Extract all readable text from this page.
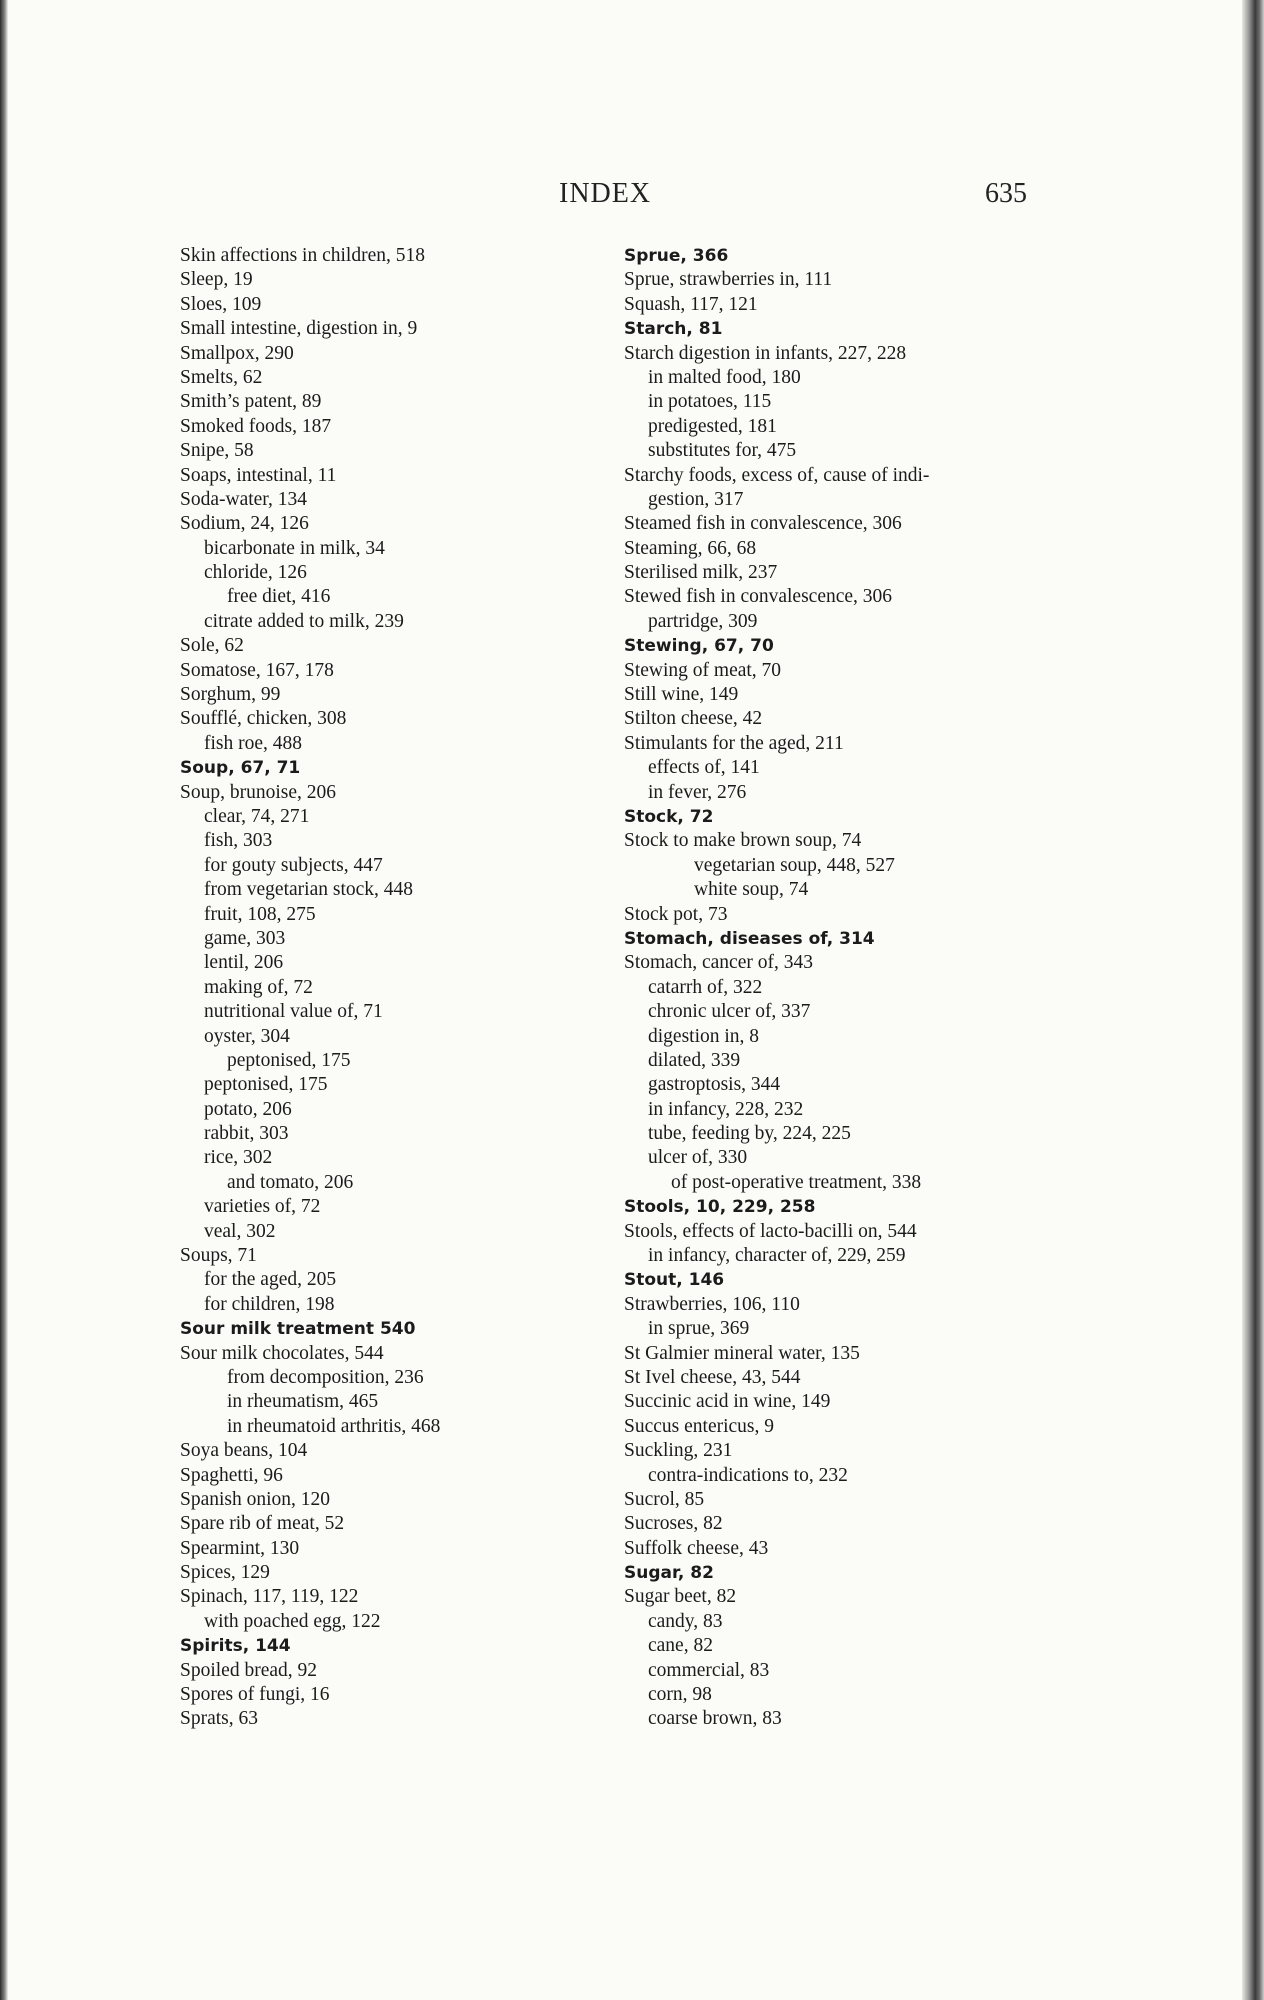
INDEX	635
Skin affections in children, 518
Sleep, 19
Sloes, 109
Small intestine, digestion in, 9
Smallpox, 290
Smelts, 62
Smith’s patent, 89
Smoked foods, 187
Snipe, 58
Soaps, intestinal, 11
Soda-water, 134
Sodium, 24, 126
bicarbonate in milk, 34
chloride, 126
free diet, 416
citrate added to milk, 239
Sole, 62
Somatose, 167, 178
Sorghum, 99
Soufflé, chicken, 308
fish roe, 488
Soup, 67, 71
Soup, brunoise, 206
clear, 74, 271
fish, 303
for gouty subjects, 447
from vegetarian stock, 448
fruit, 108, 275
game, 303
lentil, 206
making of, 72
nutritional value of, 71
oyster, 304
peptonised, 175
peptonised, 175
potato, 206
rabbit, 303
rice, 302
and tomato, 206
varieties of, 72
veal, 302
Soups, 71
for the aged, 205
for children, 198
Sour milk treatment 540
Sour milk chocolates, 544
from decomposition, 236
in rheumatism, 465
in rheumatoid arthritis, 468
Soya beans, 104
Spaghetti, 96
Spanish onion, 120
Spare rib of meat, 52
Spearmint, 130
Spices, 129
Spinach, 117, 119, 122
with poached egg, 122
Spirits, 144
Spoiled bread, 92
Spores of fungi, 16
Sprats, 63
Sprue, 366
Sprue, strawberries in, 111
Squash, 117, 121
Starch, 81
Starch digestion in infants, 227, 228
in malted food, 180
in potatoes, 115
predigested, 181
substitutes for, 475
Starchy foods, excess of, cause of indi-
gestion, 317
Steamed fish in convalescence, 306
Steaming, 66, 68
Sterilised milk, 237
Stewed fish in convalescence, 306
partridge, 309
Stewing, 67, 70
Stewing of meat, 70
Still wine, 149
Stilton cheese, 42
Stimulants for the aged, 211
effects of, 141
in fever, 276
Stock, 72
Stock to make brown soup, 74
vegetarian soup, 448, 527
white soup, 74
Stock pot, 73
Stomach, diseases of, 314
Stomach, cancer of, 343
catarrh of, 322
chronic ulcer of, 337
digestion in, 8
dilated, 339
gastroptosis, 344
in infancy, 228, 232
tube, feeding by, 224, 225
ulcer of, 330
of post-operative treatment, 338
Stools, 10, 229, 258
Stools, effects of lacto-bacilli on, 544
in infancy, character of, 229, 259
Stout, 146
Strawberries, 106, 110
in sprue, 369
St Galmier mineral water, 135
St Ivel cheese, 43, 544
Succinic acid in wine, 149
Succus entericus, 9
Suckling, 231
contra-indications to, 232
Sucrol, 85
Sucroses, 82
Suffolk cheese, 43
Sugar, 82
Sugar beet, 82
candy, 83
cane, 82
commercial, 83
corn, 98
coarse brown, 83
